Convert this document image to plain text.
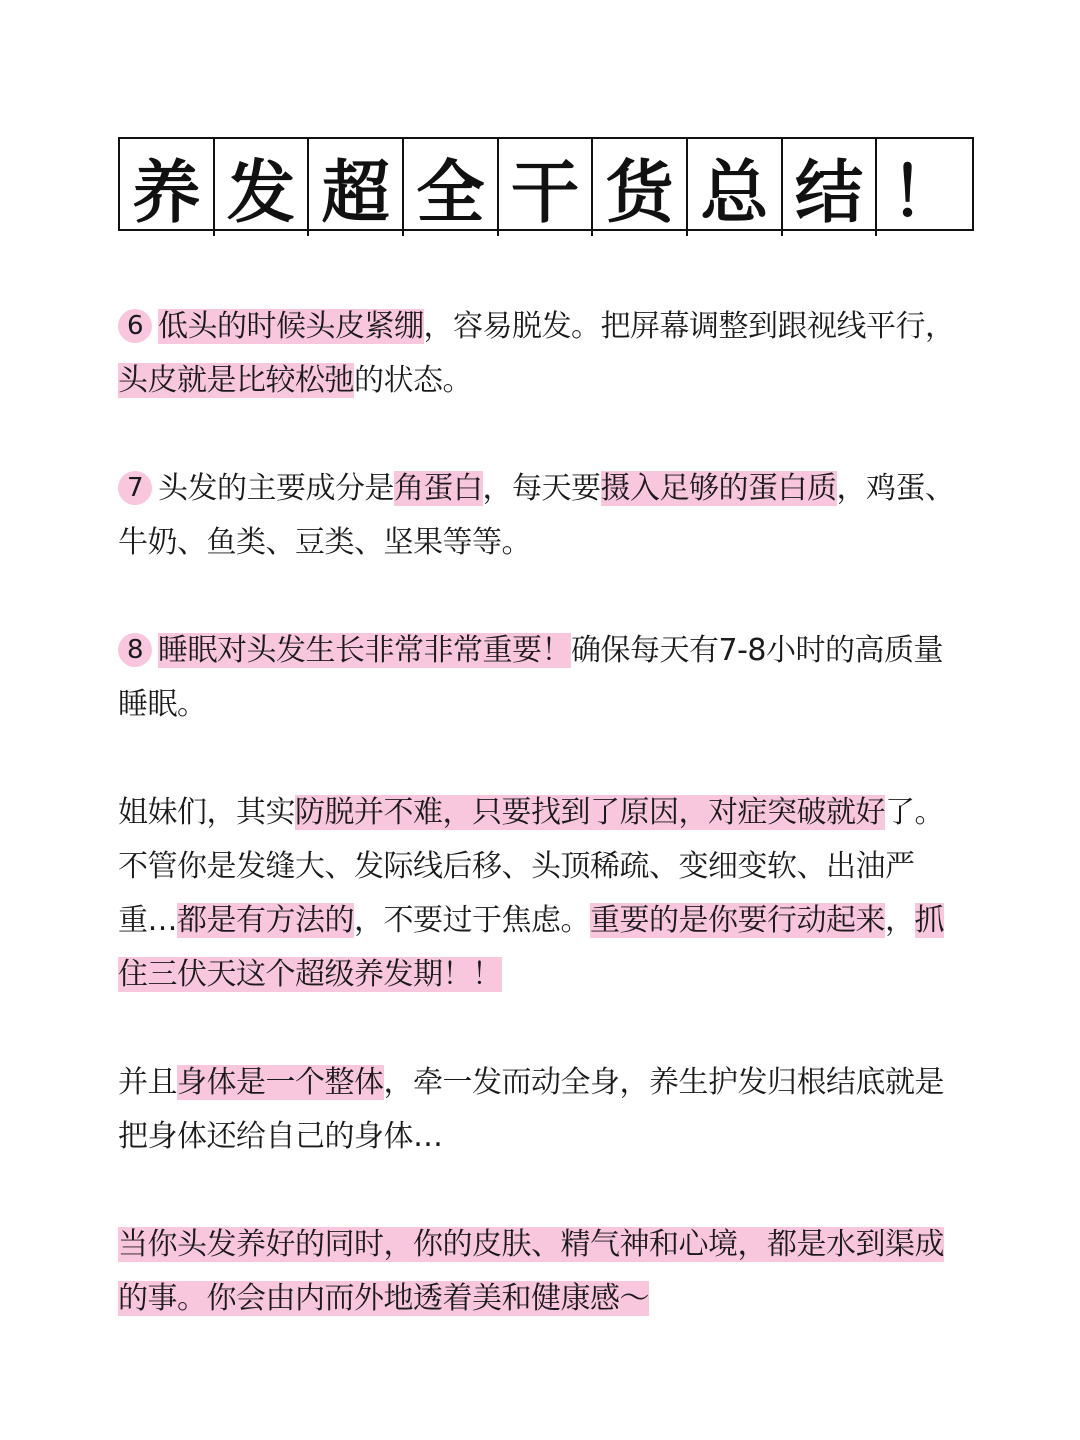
养 发 超 全 干 货 总 结 ！

6 低头的时候头皮紧绷，容易脱发。把屏幕调整到跟视线平行，头皮就是比较松弛的状态。

7 头发的主要成分是角蛋白，每天要摄入足够的蛋白质，鸡蛋、牛奶、鱼类、豆类、坚果等等。

8 睡眠对头发生长非常非常重要！确保每天有7-8小时的高质量睡眠。

姐妹们，其实防脱并不难，只要找到了原因，对症突破就好了。不管你是发缝大、发际线后移、头顶稀疏、变细变软、出油严重…都是有方法的，不要过于焦虑。重要的是你要行动起来，抓住三伏天这个超级养发期！！

并且身体是一个整体，牵一发而动全身，养生护发归根结底就是把身体还给自己的身体…

当你头发养好的同时，你的皮肤、精气神和心境，都是水到渠成的事。你会由内而外地透着美和健康感～
